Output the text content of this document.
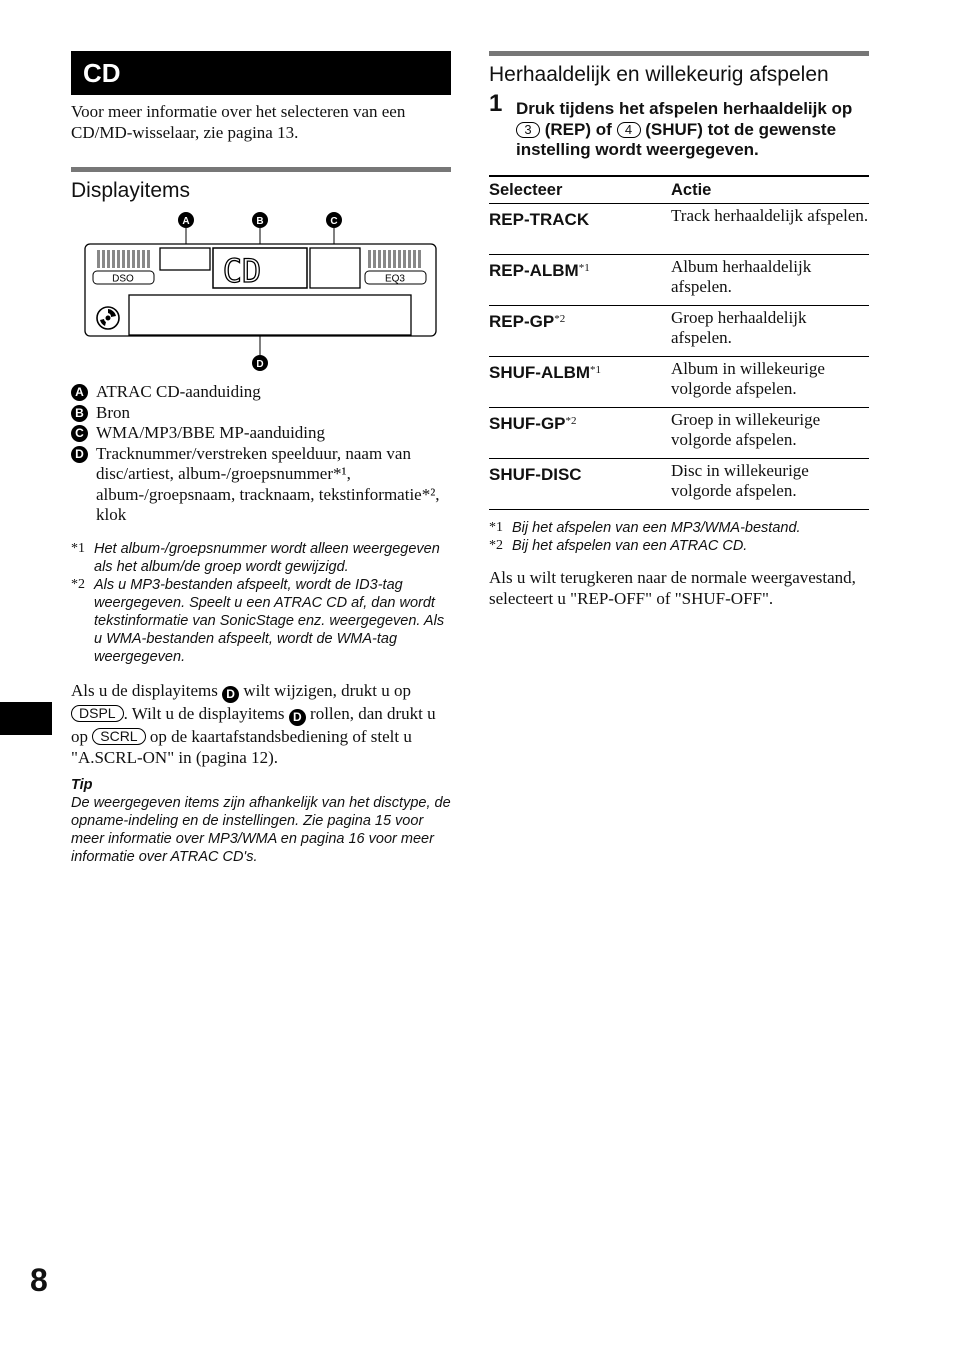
CD

Voor meer informatie over het selecteren van een CD/MD-wisselaar, zie pagina 13.

Displayitems
A	B	C
DSO	CD	EQ3
D
A ATRAC CD-aanduiding
B Bron
C WMA/MP3/BBE MP-aanduiding
D Tracknummer/verstreken speelduur, naam van disc/artiest, album-/groepsnummer*¹, album-/groepsnaam, tracknaam, tekstinformatie*², klok

*1 Het album-/groepsnummer wordt alleen weergegeven als het album/de groep wordt gewijzigd.

*2 Als u MP3-bestanden afspeelt, wordt de ID3-tag weergegeven. Speelt u een ATRAC CD af, dan wordt tekstinformatie van SonicStage enz. weergegeven. Als u WMA-bestanden afspeelt, wordt de WMA-tag weergegeven.

Als u de displayitems D wilt wijzigen, drukt u op DSPL . Wilt u de displayitems D rollen, dan drukt u op SCRL op de kaartafstandsbediening of stelt u "A.SCRL-ON" in (pagina 12).

Tip

De weergegeven items zijn afhankelijk van het disctype, de opname-indeling en de instellingen. Zie pagina 15 voor meer informatie over MP3/WMA en pagina 16 voor meer informatie over ATRAC CD's.

Herhaaldelijk en willekeurig afspelen
1 Druk tijdens het afspelen herhaaldelijk op 3 (REP) of 4 (SHUF) tot de gewenste instelling wordt weergegeven.
Selecteer	Actie
REP-TRACK	Track herhaaldelijk afspelen.
REP-ALBM$^{*1}$	Album herhaaldelijk afspelen.
REP-GP$^{*2}$	Groep herhaaldelijk afspelen.
SHUF-ALBM$^{*1}$	Album in willekeurige volgorde afspelen.
SHUF-GP$^{*2}$	Groep in willekeurige volgorde afspelen.
SHUF-DISC	Disc in willekeurige volgorde afspelen.

*1 Bij het afspelen van een MP3/WMA-bestand.

*2 Bij het afspelen van een ATRAC CD.

Als u wilt terugkeren naar de normale weergavestand, selecteert u "REP-OFF" of "SHUF-OFF".

8
